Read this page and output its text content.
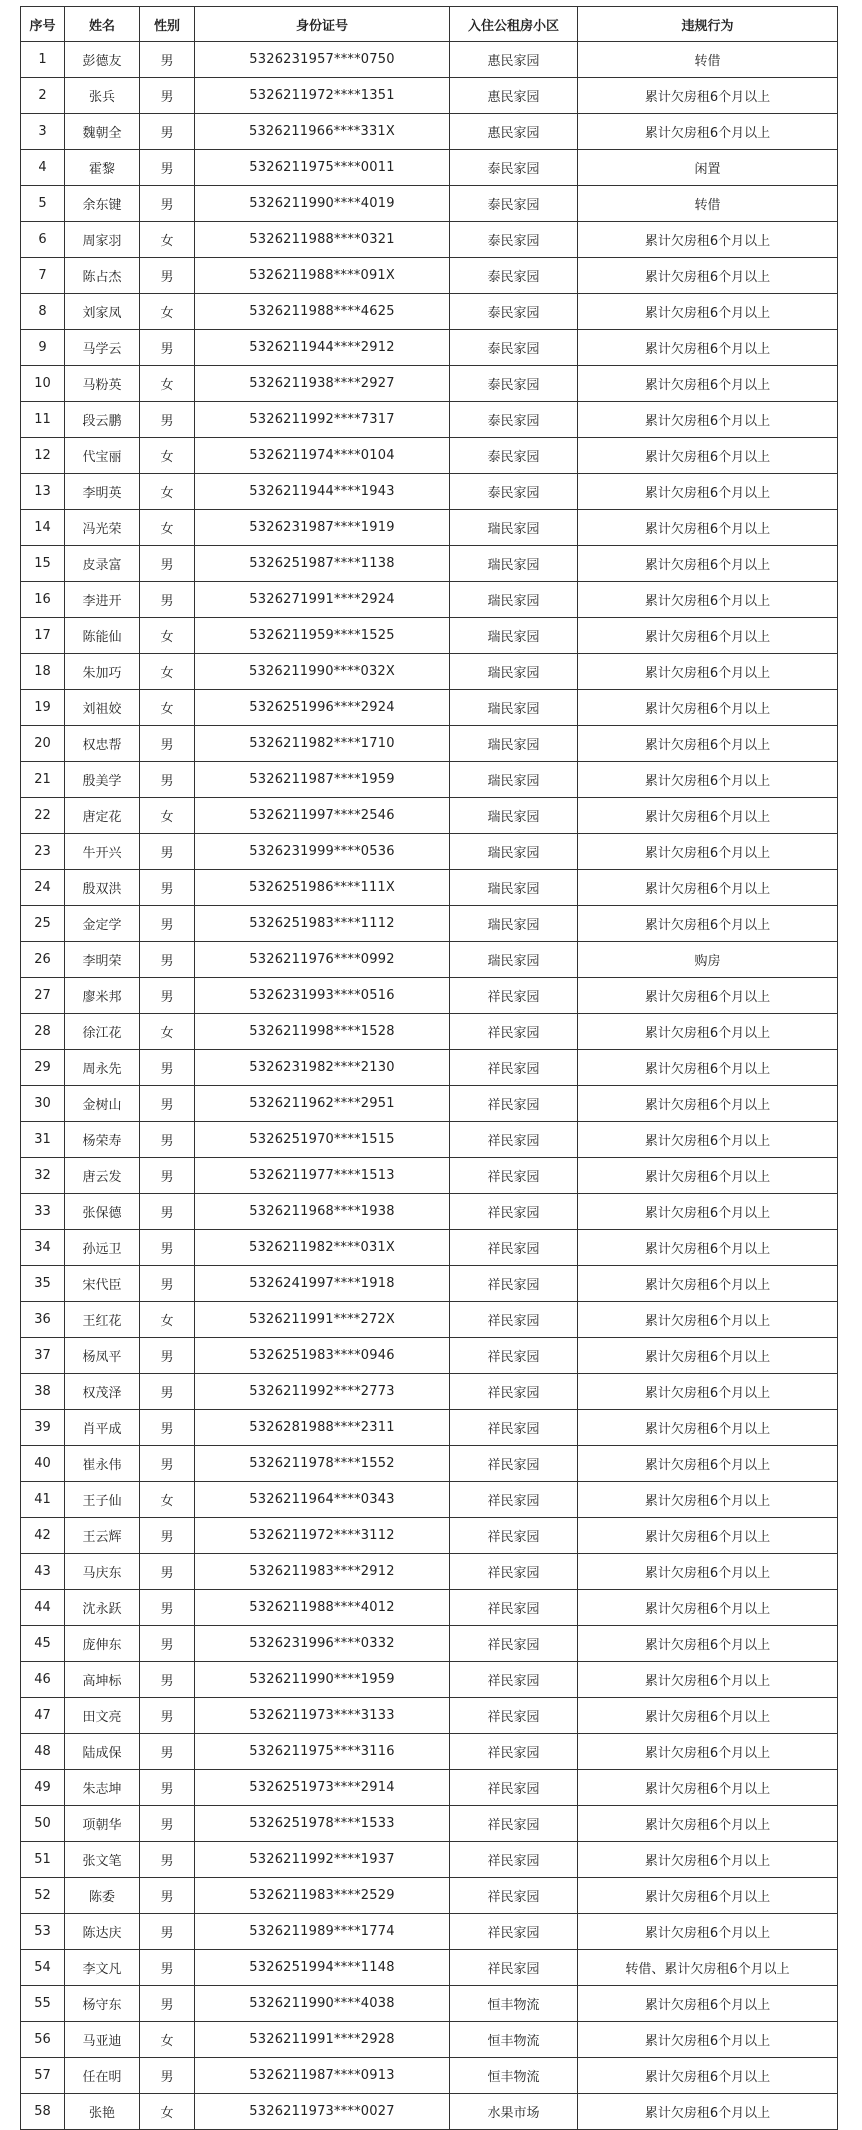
序号	姓名	性别	身份证号	入住公租房小区	违规行为
1	彭德友	男	5326231957****0750	惠民家园	转借
2	张兵	男	5326211972****1351	惠民家园	累计欠房租6个月以上
3	魏朝全	男	5326211966****331X	惠民家园	累计欠房租6个月以上
4	霍黎	男	5326211975****0011	泰民家园	闲置
5	余东键	男	5326211990****4019	泰民家园	转借
6	周家羽	女	5326211988****0321	泰民家园	累计欠房租6个月以上
7	陈占杰	男	5326211988****091X	泰民家园	累计欠房租6个月以上
8	刘家凤	女	5326211988****4625	泰民家园	累计欠房租6个月以上
9	马学云	男	5326211944****2912	泰民家园	累计欠房租6个月以上
10	马粉英	女	5326211938****2927	泰民家园	累计欠房租6个月以上
11	段云鹏	男	5326211992****7317	泰民家园	累计欠房租6个月以上
12	代宝丽	女	5326211974****0104	泰民家园	累计欠房租6个月以上
13	李明英	女	5326211944****1943	泰民家园	累计欠房租6个月以上
14	冯光荣	女	5326231987****1919	瑞民家园	累计欠房租6个月以上
15	皮录富	男	5326251987****1138	瑞民家园	累计欠房租6个月以上
16	李进开	男	5326271991****2924	瑞民家园	累计欠房租6个月以上
17	陈能仙	女	5326211959****1525	瑞民家园	累计欠房租6个月以上
18	朱加巧	女	5326211990****032X	瑞民家园	累计欠房租6个月以上
19	刘祖姣	女	5326251996****2924	瑞民家园	累计欠房租6个月以上
20	权忠帮	男	5326211982****1710	瑞民家园	累计欠房租6个月以上
21	殷美学	男	5326211987****1959	瑞民家园	累计欠房租6个月以上
22	唐定花	女	5326211997****2546	瑞民家园	累计欠房租6个月以上
23	牛开兴	男	5326231999****0536	瑞民家园	累计欠房租6个月以上
24	殷双洪	男	5326251986****111X	瑞民家园	累计欠房租6个月以上
25	金定学	男	5326251983****1112	瑞民家园	累计欠房租6个月以上
26	李明荣	男	5326211976****0992	瑞民家园	购房
27	廖米邦	男	5326231993****0516	祥民家园	累计欠房租6个月以上
28	徐江花	女	5326211998****1528	祥民家园	累计欠房租6个月以上
29	周永先	男	5326231982****2130	祥民家园	累计欠房租6个月以上
30	金树山	男	5326211962****2951	祥民家园	累计欠房租6个月以上
31	杨荣寿	男	5326251970****1515	祥民家园	累计欠房租6个月以上
32	唐云发	男	5326211977****1513	祥民家园	累计欠房租6个月以上
33	张保德	男	5326211968****1938	祥民家园	累计欠房租6个月以上
34	孙远卫	男	5326211982****031X	祥民家园	累计欠房租6个月以上
35	宋代臣	男	5326241997****1918	祥民家园	累计欠房租6个月以上
36	王红花	女	5326211991****272X	祥民家园	累计欠房租6个月以上
37	杨凤平	男	5326251983****0946	祥民家园	累计欠房租6个月以上
38	权茂泽	男	5326211992****2773	祥民家园	累计欠房租6个月以上
39	肖平成	男	5326281988****2311	祥民家园	累计欠房租6个月以上
40	崔永伟	男	5326211978****1552	祥民家园	累计欠房租6个月以上
41	王子仙	女	5326211964****0343	祥民家园	累计欠房租6个月以上
42	王云辉	男	5326211972****3112	祥民家园	累计欠房租6个月以上
43	马庆东	男	5326211983****2912	祥民家园	累计欠房租6个月以上
44	沈永跃	男	5326211988****4012	祥民家园	累计欠房租6个月以上
45	庞伸东	男	5326231996****0332	祥民家园	累计欠房租6个月以上
46	高坤标	男	5326211990****1959	祥民家园	累计欠房租6个月以上
47	田文亮	男	5326211973****3133	祥民家园	累计欠房租6个月以上
48	陆成保	男	5326211975****3116	祥民家园	累计欠房租6个月以上
49	朱志坤	男	5326251973****2914	祥民家园	累计欠房租6个月以上
50	项朝华	男	5326251978****1533	祥民家园	累计欠房租6个月以上
51	张文笔	男	5326211992****1937	祥民家园	累计欠房租6个月以上
52	陈委	男	5326211983****2529	祥民家园	累计欠房租6个月以上
53	陈达庆	男	5326211989****1774	祥民家园	累计欠房租6个月以上
54	李文凡	男	5326251994****1148	祥民家园	转借、累计欠房租6个月以上
55	杨守东	男	5326211990****4038	恒丰物流	累计欠房租6个月以上
56	马亚迪	女	5326211991****2928	恒丰物流	累计欠房租6个月以上
57	任在明	男	5326211987****0913	恒丰物流	累计欠房租6个月以上
58	张艳	女	5326211973****0027	水果市场	累计欠房租6个月以上
